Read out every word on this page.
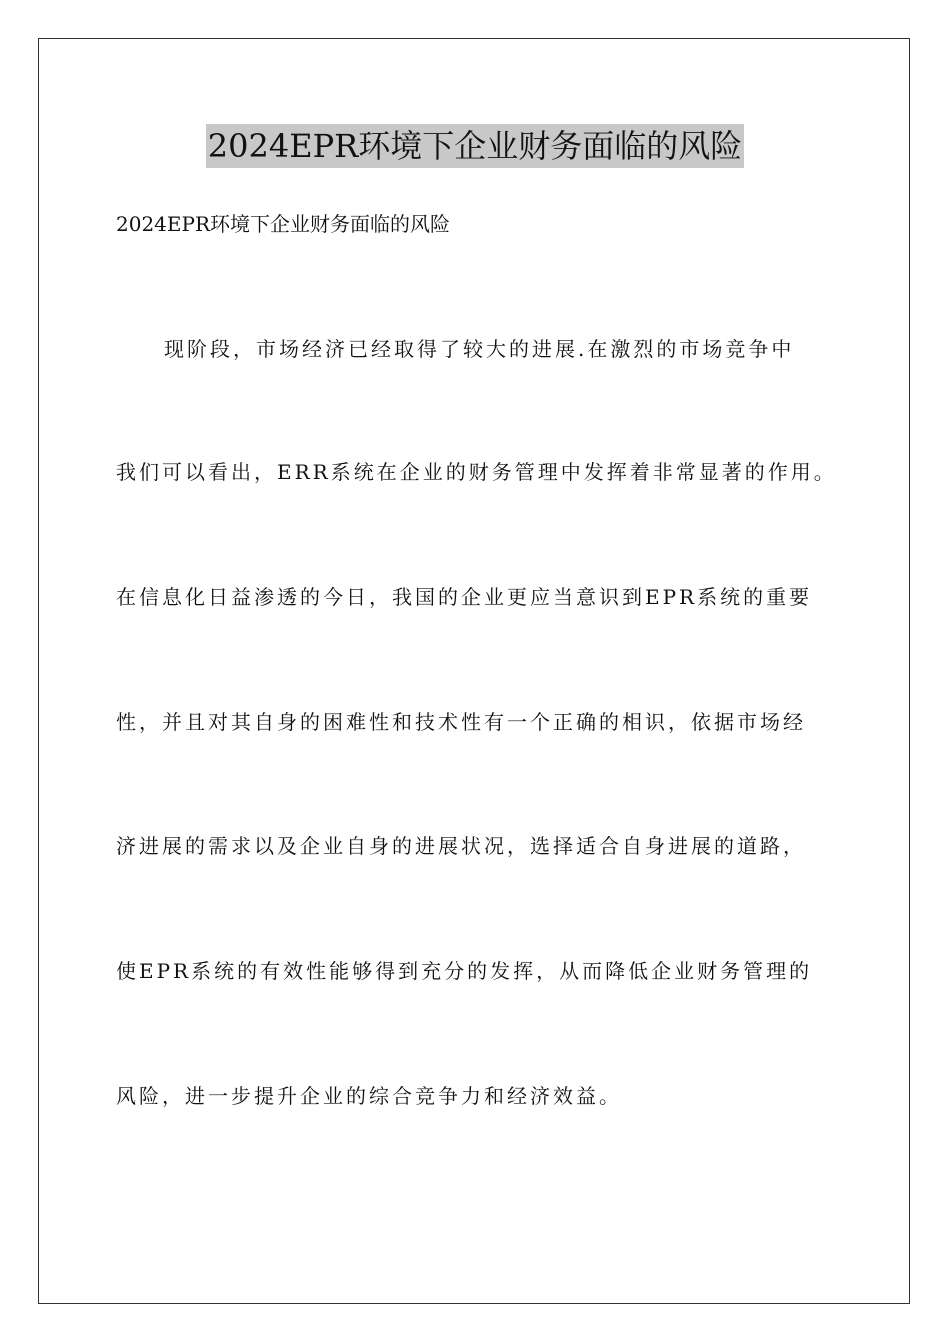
2024EPR环境下企业财务面临的风险
2024EPR环境下企业财务面临的风险
现阶段，市场经济已经取得了较大的进展.在激烈的市场竞争中
我们可以看出，ERR系统在企业的财务管理中发挥着非常显著的作用。
在信息化日益渗透的今日，我国的企业更应当意识到EPR系统的重要
性，并且对其自身的困难性和技术性有一个正确的相识，依据市场经
济进展的需求以及企业自身的进展状况，选择适合自身进展的道路，
使EPR系统的有效性能够得到充分的发挥，从而降低企业财务管理的
风险，进一步提升企业的综合竞争力和经济效益。
